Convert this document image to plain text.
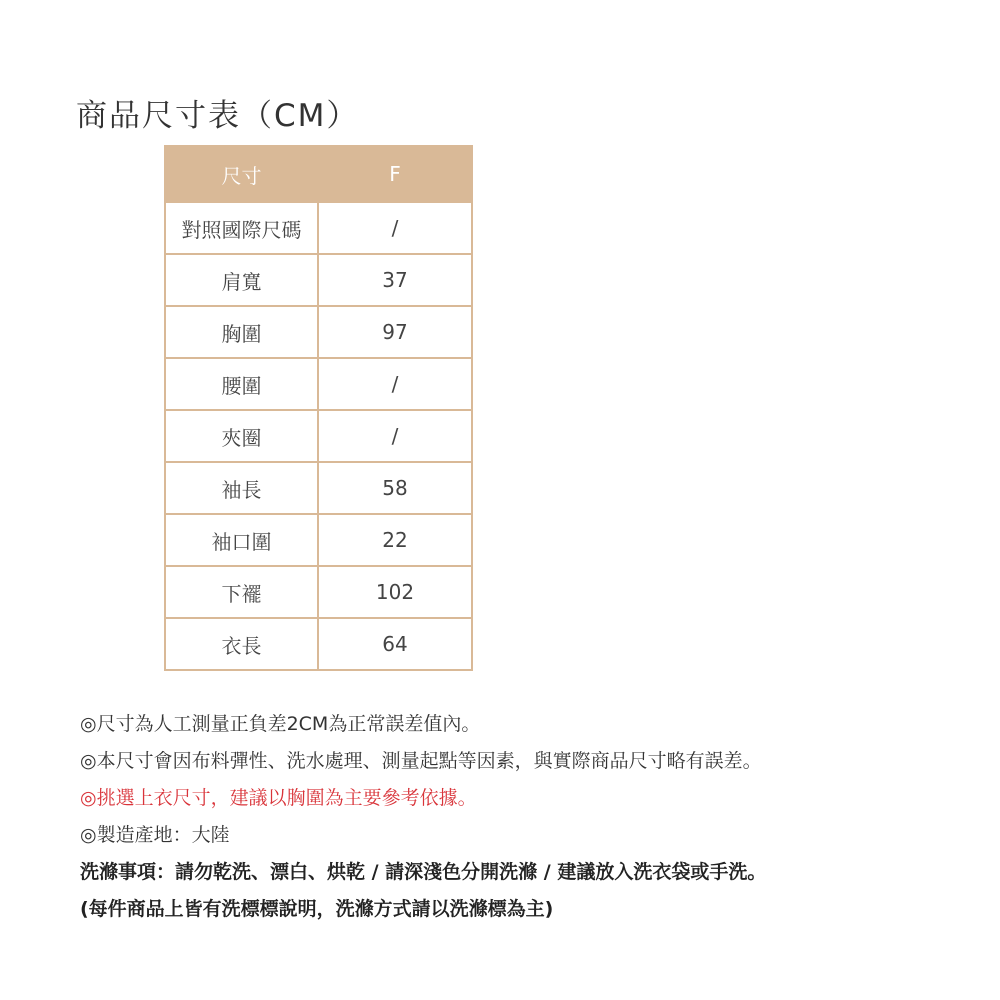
商品尺寸表（CM）
尺寸	F
對照國際尺碼	/
肩寬	37
胸圍	97
腰圍	/
夾圈	/
袖長	58
袖口圍	22
下襬	102
衣長	64
◎尺寸為人工測量正負差2CM為正常誤差值內。
◎本尺寸會因布料彈性、洗水處理、測量起點等因素，與實際商品尺寸略有誤差。
◎挑選上衣尺寸，建議以胸圍為主要參考依據。
◎製造產地：大陸
洗滌事項：請勿乾洗、漂白、烘乾 / 請深淺色分開洗滌 / 建議放入洗衣袋或手洗。
(每件商品上皆有洗標標說明，洗滌方式請以洗滌標為主)
